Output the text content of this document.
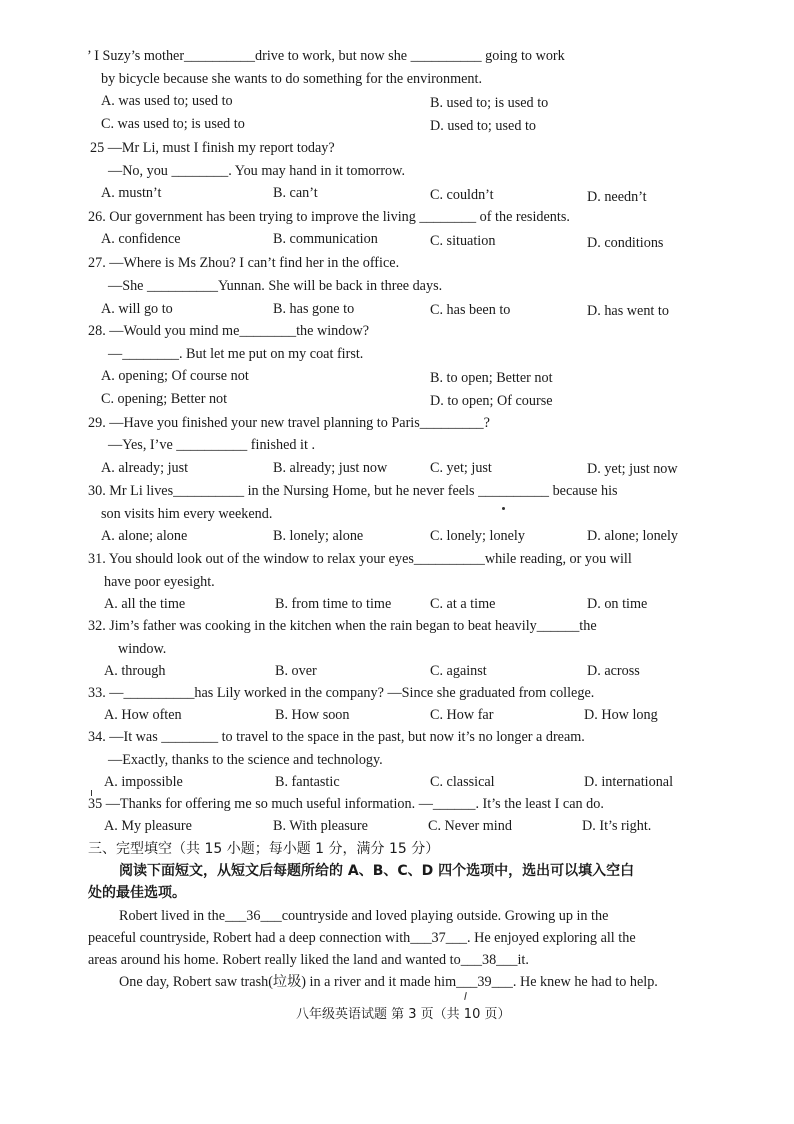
’ I Suzy’s mother__________drive to work, but now she __________ going to work
by bicycle because she wants to do something for the environment.
A. was used to; used to	B. used to; is used to
C. was used to; is used to	D. used to; used to
25 —Mr Li, must I finish my report today?
—No, you ________. You may hand in it tomorrow.
A. mustn’t	B. can’t	C. couldn’t	D. needn’t
26. Our government has been trying to improve the living ________ of the residents.
A. confidence	B. communication	C. situation	D. conditions
27. —Where is Ms Zhou? I can’t find her in the office.
—She __________Yunnan. She will be back in three days.
A. will go to	B. has gone to	C. has been to	D. has went to
28. —Would you mind me________the window?
—________. But let me put on my coat first.
A. opening; Of course not	B. to open; Better not
C. opening; Better not	D. to open; Of course
29. —Have you finished your new travel planning to Paris_________?
—Yes, I’ve __________ finished it .
A. already; just	B. already; just now	C. yet; just	D. yet; just now
30. Mr Li lives__________ in the Nursing Home, but he never feels __________ because his
son visits him every weekend.
A. alone; alone	B. lonely; alone	C. lonely; lonely	D. alone; lonely
31. You should look out of the window to relax your eyes__________while reading, or you will
have poor eyesight.
A. all the time	B. from time to time	C. at a time	D. on time
32. Jim’s father was cooking in the kitchen when the rain began to beat heavily______the
window.
A. through	B. over	C. against	D. across
33. —__________has Lily worked in the company? —Since she graduated from college.
A. How often	B. How soon	C. How far	D. How long
34. —It was ________ to travel to the space in the past, but now it’s no longer a dream.
—Exactly, thanks to the science and technology.
A. impossible	B. fantastic	C. classical	D. international
35 —Thanks for offering me so much useful information. —______. It’s the least I can do.
A. My pleasure	B. With pleasure	C. Never mind	D. It’s right.
三、完型填空（共 15 小题；每小题 1 分，满分 15 分）
阅读下面短文，从短文后每题所给的 A、B、C、D 四个选项中，选出可以填入空白
处的最佳选项。
Robert lived in the___36___countryside and loved playing outside. Growing up in the
peaceful countryside, Robert had a deep connection with___37___. He enjoyed exploring all the
areas around his home. Robert really liked the land and wanted to___38___it.
One day, Robert saw trash(垃圾) in a river and it made him___39___. He knew he had to help.
八年级英语试题 第 3 页（共 10 页）
